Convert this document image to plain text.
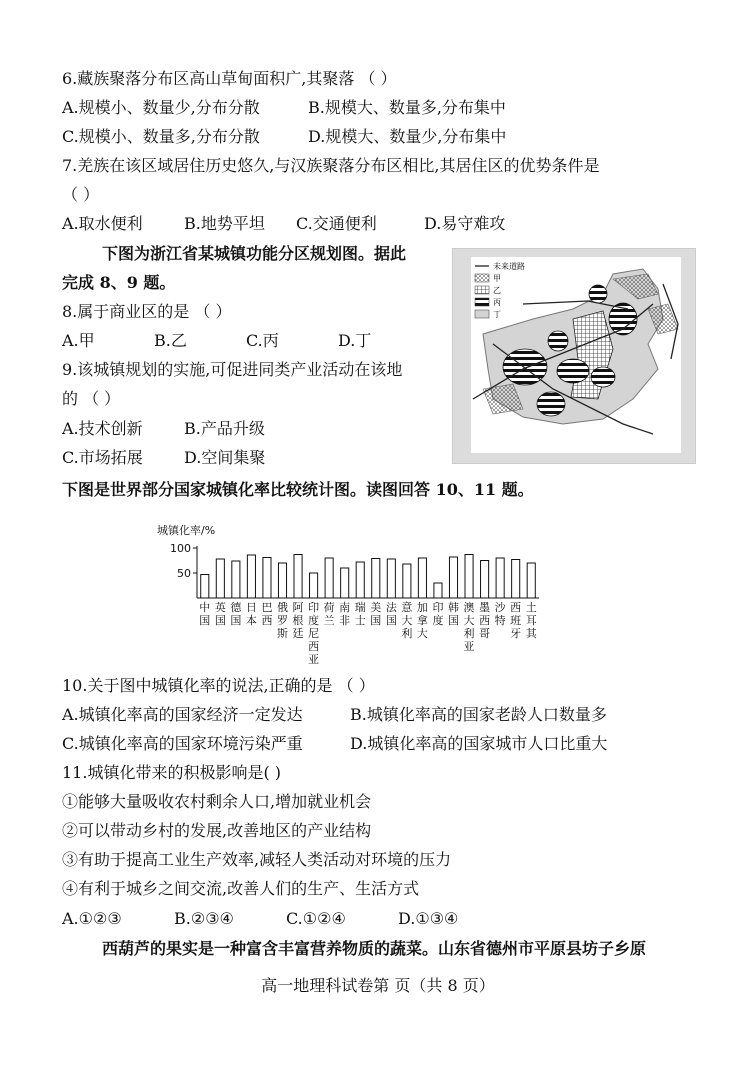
6.藏族聚落分布区高山草甸面积广,其聚落 （ ）
A.规模小、数量少,分布分散	B.规模大、数量多,分布集中
C.规模小、数量多,分布分散	D.规模大、数量少,分布集中
7.羌族在该区域居住历史悠久,与汉族聚落分布区相比,其居住区的优势条件是
（ ）
A.取水便利	B.地势平坦 C.交通便利	D.易守难攻
下图为浙江省某城镇功能分区规划图。据此
完成 8、9 题。
8.属于商业区的是 （ ）
A.甲	B.乙	C.丙	D.丁
9.该城镇规划的实施,可促进同类产业活动在该地
的 （ ）
A.技术创新	B.产品升级
C.市场拓展	D.空间集聚
未来道路
甲
乙
丙
丁
下图是世界部分国家城镇化率比较统计图。读图回答 10、11 题。
城镇化率/%
50
100
中
国
英
国
德
国
日
本
巴
西
俄
罗
斯
阿
根
廷
印
度
尼
西
亚
荷
兰
南
非
瑞
士
美
国
法
国
意
大
利
加
拿
大
印
度
韩
国
澳
大
利
亚
墨
西
哥
沙
特
西
班
牙
土
耳
其
10.关于图中城镇化率的说法,正确的是 （ ）
A.城镇化率高的国家经济一定发达	B.城镇化率高的国家老龄人口数量多
C.城镇化率高的国家环境污染严重	D.城镇化率高的国家城市人口比重大
11.城镇化带来的积极影响是( )
①能够大量吸收农村剩余人口,增加就业机会
②可以带动乡村的发展,改善地区的产业结构
③有助于提高工业生产效率,减轻人类活动对环境的压力
④有利于城乡之间交流,改善人们的生产、生活方式
A.①②③	B.②③④	C.①②④	D.①③④
西葫芦的果实是一种富含丰富营养物质的蔬菜。山东省德州市平原县坊子乡原
高一地理科试卷第 页（共 8 页）
